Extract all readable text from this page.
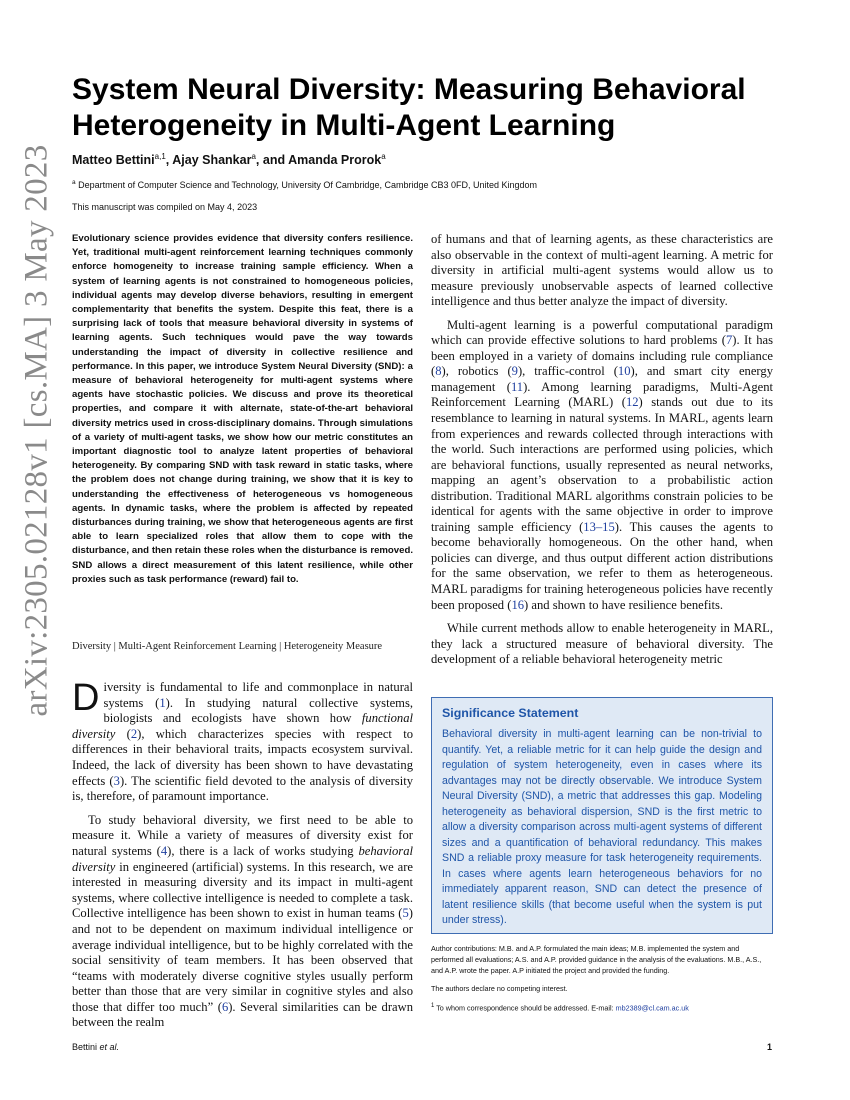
arXiv:2305.02128v1 [cs.MA] 3 May 2023
System Neural Diversity: Measuring Behavioral Heterogeneity in Multi-Agent Learning
Matteo Bettini$^{a,1}$, Ajay Shankar$^a$, and Amanda Prorok$^a$
$^a$ Department of Computer Science and Technology, University Of Cambridge, Cambridge CB3 0FD, United Kingdom
This manuscript was compiled on May 4, 2023

Evolutionary science provides evidence that diversity confers resilience. Yet, traditional multi-agent reinforcement learning techniques commonly enforce homogeneity to increase training sample efficiency. When a system of learning agents is not constrained to homogeneous policies, individual agents may develop diverse behaviors, resulting in emergent complementarity that benefits the system. Despite this feat, there is a surprising lack of tools that measure behavioral diversity in systems of learning agents. Such techniques would pave the way towards understanding the impact of diversity in collective resilience and performance. In this paper, we introduce System Neural Diversity (SND): a measure of behavioral heterogeneity for multi-agent systems where agents have stochastic policies. We discuss and prove its theoretical properties, and compare it with alternate, state-of-the-art behavioral diversity metrics used in cross-disciplinary domains. Through simulations of a variety of multi-agent tasks, we show how our metric constitutes an important diagnostic tool to analyze latent properties of behavioral heterogeneity. By comparing SND with task reward in static tasks, where the problem does not change during training, we show that it is key to understanding the effectiveness of heterogeneous vs homogeneous agents. In dynamic tasks, where the problem is affected by repeated disturbances during training, we show that heterogeneous agents are first able to learn specialized roles that allow them to cope with the disturbance, and then retain these roles when the disturbance is removed. SND allows a direct measurement of this latent resilience, while other proxies such as task performance (reward) fail to.

Diversity | Multi-Agent Reinforcement Learning | Heterogeneity Measure

D iversity is fundamental to life and commonplace in natural systems (1). In studying natural collective systems, biologists and ecologists have shown how functional diversity (2), which characterizes species with respect to differences in their behavioral traits, impacts ecosystem survival. Indeed, the lack of diversity has been shown to have devastating effects (3). The scientific field devoted to the analysis of diversity is, therefore, of paramount importance.

To study behavioral diversity, we first need to be able to measure it. While a variety of measures of diversity exist for natural systems (4), there is a lack of works studying behavioral diversity in engineered (artificial) systems. In this research, we are interested in measuring diversity and its impact in multi-agent systems, where collective intelligence is needed to complete a task. Collective intelligence has been shown to exist in human teams (5) and not to be dependent on maximum individual intelligence or average individual intelligence, but to be highly correlated with the social sensitivity of team members. It has been observed that “teams with moderately diverse cognitive styles usually perform better than those that are very similar in cognitive styles and also those that differ too much” (6). Several similarities can be drawn between the realm

of humans and that of learning agents, as these characteristics are also observable in the context of multi-agent learning. A metric for diversity in artificial multi-agent systems would allow us to measure previously unobservable aspects of learned collective intelligence and thus better analyze the impact of diversity.

Multi-agent learning is a powerful computational paradigm which can provide effective solutions to hard problems (7). It has been employed in a variety of domains including rule compliance (8), robotics (9), traffic-control (10), and smart city energy management (11). Among learning paradigms, Multi-Agent Reinforcement Learning (MARL) (12) stands out due to its resemblance to learning in natural systems. In MARL, agents learn from experiences and rewards collected through interactions with the world. Such interactions are performed using policies, which are behavioral functions, usually represented as neural networks, mapping an agent’s observation to a probabilistic action distribution. Traditional MARL algorithms constrain policies to be identical for agents with the same objective in order to improve training sample efficiency (13–15). This causes the agents to become behaviorally homogeneous. On the other hand, when policies can diverge, and thus output different action distributions for the same observation, we refer to them as heterogeneous. MARL paradigms for training heterogeneous policies have recently been proposed (16) and shown to have resilience benefits.

While current methods allow to enable heterogeneity in MARL, they lack a structured measure of behavioral diversity. The development of a reliable behavioral heterogeneity metric

Significance Statement
Behavioral diversity in multi-agent learning can be non-trivial to quantify. Yet, a reliable metric for it can help guide the design and regulation of system heterogeneity, even in cases where its advantages may not be directly observable. We introduce System Neural Diversity (SND), a metric that addresses this gap. Modeling heterogeneity as behavioral dispersion, SND is the first metric to allow a diversity comparison across multi-agent systems of different sizes and a quantification of behavioral redundancy. This makes SND a reliable proxy measure for task heterogeneity requirements. In cases where agents learn heterogeneous behaviors for no immediately apparent reason, SND can detect the presence of latent resilience skills (that become useful when the system is put under stress).

Author contributions: M.B. and A.P. formulated the main ideas; M.B. implemented the system and performed all evaluations; A.S. and A.P. provided guidance in the analysis of the evaluations. M.B., A.S., and A.P. wrote the paper. A.P initiated the project and provided the funding.

The authors declare no competing interest.

$^1$ To whom correspondence should be addressed. E-mail: mb2389@cl.cam.ac.uk

Bettini et al.	1
